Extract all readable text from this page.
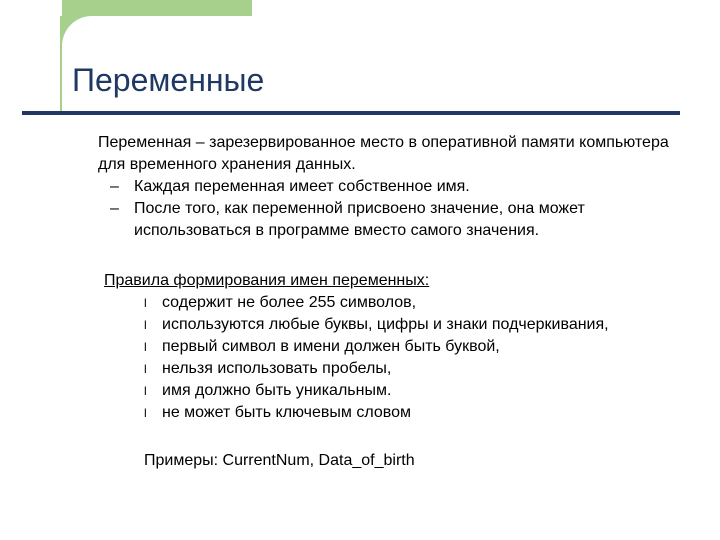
Переменные

Переменная – зарезервированное место в оперативной памяти компьютера для временного хранения данных.

– Каждая переменная имеет собственное имя.
– После того, как переменной присвоено значение, она может использоваться в программе вместо самого значения.

Правила формирования имен переменных:

l содержит не более 255 символов,
l используются любые буквы, цифры и знаки подчеркивания,
l первый символ в имени должен быть буквой,
l нельзя использовать пробелы,
l имя должно быть уникальным.
l не может быть ключевым словом

Примеры: CurrentNum, Data_of_birth
